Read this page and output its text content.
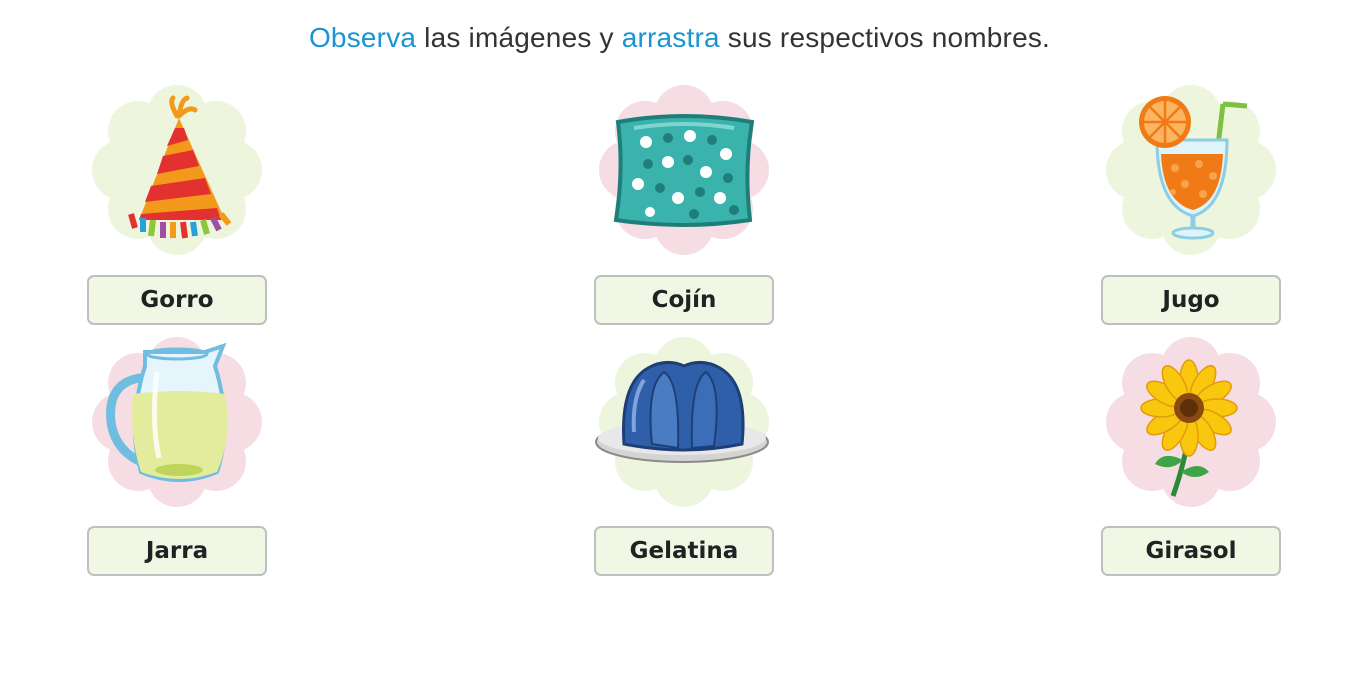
Observa las imágenes y arrastra sus respectivos nombres.
Gorro	Cojín	Jugo
Jarra	Gelatina	Girasol
